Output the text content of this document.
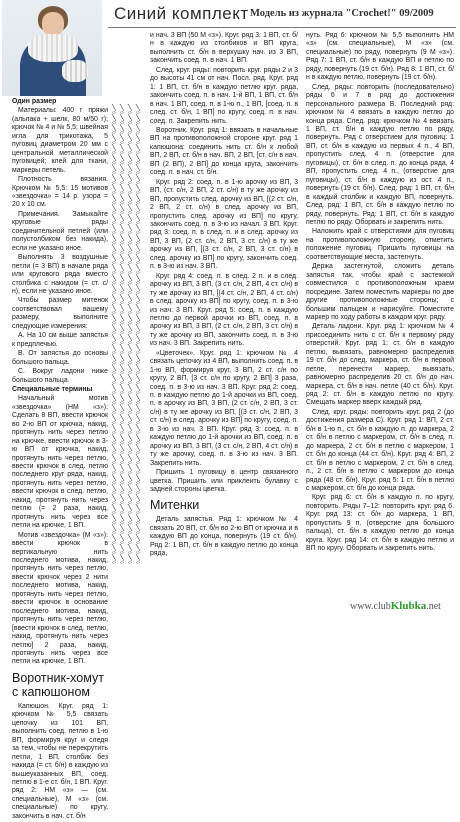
Синий комплект Модель из журнала "Crochet!" 09/2009

Один размер

Материалы: 400 г пряжи (альпака + шелк, 80 м/50 г); крючок № 4 и № 5,5; швейная игла для трикотажа, 5 пуговиц диаметром 20 мм с центральной металлической пуговицей; клей для ткани, маркеры петель.

Плотность вязания. Крючком № 5,5: 15 мотивов «звездочка» = 14 р. узора = 20 х 10 см.

Примечания. Замыкайте круговые ряды соединительной петлей (или полустолбиком без накида), если не указано иное.

Выполнять 3 воздушные петли (= 3 ВП) в начале ряда или кругового ряда вместо столбика с накидом (= ст. с/н), если не указано иное.

Чтобы размер митенок соответствовал вашему размеру, выполните следующие измерения:

А. На 10 см выше запястья к предплечью.

В. От запястья до основы большого пальца.

С. Вокруг ладони ниже большого пальца.

Специальные термины

Начальный мотив «звездочка» (НМ «з»): Сделать 8 ВП, ввести крючок во 2-ю ВП от крючка, накид, протянуть нить через петлю на крючке, ввести крючок в 3-ю ВП от крючка, накид, протянуть нить через петлю, ввести крючок в след. петлю последнего круг ряда, накид, протянуть нить через петлю, ввести крючок в след. петлю, накид, протянуть нить через петлю (= 2 раза, накид, протянуть нить через все петли на крючке, 1 ВП.

Мотив «звездочка» (М «з»): ввести крючок в вертикальную нить последнего мотива, накид, протянуть нить через петлю, ввести крючок через 2 нити последнего мотива, накид, протянуть нить через петлю, ввести крючок в основание последнего мотива, накид, протянуть нить через петлю, [ввести крючок в след. петлю, накид, протянуть нить через петлю] 2 раза, накид, протянуть нить через все петли на крючке, 1 ВП.

Воротник-хомут с капюшоном

Капюшон. Круг. ряд 1: крючком № 5,5 связать цепочку из 101 ВП, выполнить соед. петлю в 1-ю ВП, формируя круг и следя за тем, чтобы не перекрутить петли, 1 ВП, столбик без накида (= ст. б/н) в каждую из вышеуказанных ВП, соед. петлю в 1-е ст. б/н, 1 ВП. Круг. ряд 2: НМ «з» — (см. специальные), М «з» (см. специальные) по кругу, закончить в нач. ст. б/н

и нач. 3 ВП (50 М «з»). Круг. ряд 3: 1 ВП, ст. б/н в каждую из столбиков и ВП круга, выполнить ст. б/н в верхушку нач. из 3 ВП, закончить соед. п. в нач. 1 ВП.

След. круг. ряды: повторить круг. ряды 2 и 3 до высоты 41 см от нач. Посл. ряд. Круг. ряд 1: 1 ВП, ст. б/н в каждую петлю круг. ряда, закончить соед. п. в нач. 1-й ВП, 1 ВП, ст. б/н в нач. 1 ВП, соед. п. в 1-ю п., 1 ВП, [соед. п. в след. ст. б/н, 1 ВП] по кругу, соед. п. в нач. соед. п. Закрепить нить.

Воротник. Круг. ряд 1: ввязать в начальные ВП на противоположной стороне круг. ряд 1 капюшона: соединить нить ст. б/н к любой ВП, 2 ВП, ст. б/н в нач. ВП, 2 ВП, [ст. с/н в нач. ВП (2 ВП), 2 ВП] до конца круга, закончить соед. п. в нач. ст. б/н.

Круг. ряд 2: соед. п. в 1-ю арочку из ВП, 3 ВП, (ст. с/н, 2 ВП, 2 ст. с/н) в ту же арочку из ВП, пропустить след. арочку из ВП, [(2 ст. с/н, 2 ВП, 2 ст. с/н) в след. арочку из ВП, пропустить след. арочку из ВП] по кругу, закончить соед. п. в 3-ю из начал. 3 ВП. Круг. ряд 3: соед. п. в след. п. и в след. арочку из ВП, 3 ВП, (2 ст. с/н, 2 ВП, 3 ст. с/н) в ту же арочку из ВП, [(3 ст. с/н, 2 ВП, 3 ст. с/н) в след. арочку из ВП] по кругу, закончить соед. п. в 3-ю из нач. 3 ВП.

Круг. ряд 4: соед. п. в след. 2 п. и в след. арочку из ВП, 3 ВП, (3 ст. с/н, 2 ВП, 4 ст. с/н) в ту же арочку из ВП, [(4 ст. с/н, 2 ВП, 4 ст. с/н) в след. арочку из ВП] по кругу, соед. п. в 3-ю из нач. 3 ВП. Круг. ряд 5: соед. п. в каждую петлю до первой арочки из ВП, соед. п. в арочку из ВП, 3 ВП, (2 ст. с/н, 2 ВП, 3 ст. с/н) в ту же арочку из ВП, закончить соед. п. в 3-ю из нач. 3 ВП. Закрепить нить.

«Цветочек». Круг. ряд 1: крючком № 4 связать цепочку из 4 ВП, выполнить соед. п. в 1-ю ВП, формируя круг, 3 ВП, 2 ст. с/н по кругу, 2 ВП, [3 ст. с/н по кругу, 2 ВП] 3 раза, соед. п. в 3-ю из нач. 3 ВП. Круг. ряд 2: соед. п. в каждую петлю до 1-й арочки из ВП, соед. п. в арочку из ВП, 3 ВП, (2 ст. с/н, 2 ВП, 3 ст. с/н) в ту же арочку из ВП, [(3 ст. с/н, 2 ВП, 3 ст. с/н) в след. арочку из ВП] по кругу, соед. п. в 3-ю из нач. 3 ВП. Круг. ряд 3: соед. п. в каждую петлю до 1-й арочки из ВП, соед. п. в арочку из ВП, 3 ВП, (3 ст. с/н, 2 ВП, 4 ст. с/н) в ту же арочку, соед. п. в 3-ю из нач. 3 ВП. Закрепить нить.

Пришить 1 пуговицу в центр связанного цветка. Пришить или приклеить булавку с задней стороны цветка.

Митенки

Деталь запястья. Ряд 1: крючком № 4 связать 20 ВП, ст. б/н во 2-ю ВП от крючка и в каждую ВП до конца, повернуть (19 ст. б/н). Ряд 2: 1 ВП, ст. б/н в каждую петлю до конца ряда,

нуть. Ряд 6: крючком № 5,5 выполнить НМ «з» (см. специальные), М «з» (см. специальные) по ряду, повернуть (9 М «з»). Ряд 7: 1 ВП, ст. б/н в каждую ВП и петлю по ряду, повернуть (19 ст. б/н). Ряд 8: 1 ВП, ст. б/н в каждую петлю, повернуть (19 ст. б/н).

След. ряды: повторить (последовательно) ряды 6 и 7 в ряд до достижения персонального размера В. Последний ряд: крючком № 4 ввязать в каждую петлю до конца ряда. След. ряд: крючком № 4 ввязать 1 ВП, ст. б/н в каждую петлю по ряду, повернуть. Ряд с отверстием для пуговиц: 1 ВП, ст. б/н в каждую из первых 4 п., 4 ВП, пропустить след. 4 п. (отверстие для пуговицы), ст. б/н в след. п. до конца ряда, 4 ВП, пропустить след. 4 п., (отверстие для пуговицы), ст. б/н в каждую из ост. 4 п., повернуть (19 ст. б/н). След. ряд: 1 ВП, ст. б/н в каждый столбик и каждую ВП, повернуть. След. ряд: 1 ВП, ст. б/н в каждую петлю по ряду, повернуть. Ряд: 1 ВП, ст. б/н в каждую петлю по ряду. Оборвать и закрепить нить.

Наложить край с отверстиями для пуговиц на противоположную сторону, отметить положение пуговиц. Пришить пуговицы на соответствующие места, застегнуть.

Держа застегнутой, сложить деталь запястья так, чтобы край с застежкой совместился с противоположным краем посредине. Затем поместить маркеры по две другие противоположные стороны; с большим пальцем и нарисуйте. Поместите маркер по ходу работы в каждом круг. ряду.

Деталь ладони. Круг. ряд 1: крючком № 4 присоединить нить с ст. б/н к первому ряду отверстий. Круг. ряд 1: ст. б/н в каждую петлю, вывязать, равномерно распределив 19 ст. б/н до след. маркера, ст. б/н в первой петле, перенести маркер, вывязать, равномерно распределив 20 ст. б/н до нач. маркера, ст. б/н в нач. петле (40 ст. б/н). Круг. ряд 2: ст. б/н в каждую петлю по кругу. Смещать маркер вверх каждый ряд.

След. круг. ряды: повторить круг. ряд 2 (до достижения размера С). Круг. ряд 1: ВП, 2 ст. б/н в 1-ю п., ст. б/н в каждую п. до маркера, 2 ст. б/н в петлю с маркером, ст. б/н в след. п. до маркера, 2 ст. б/н в петлю с маркером, 1 ст. б/н до конца (44 ст. б/н). Круг. ряд 4: ВП, 2 ст. б/н в петлю с маркером, 2 ст. б/н в след. п., 2 ст. б/н в петлю с маркером до конца ряда (48 ст. б/н). Круг. ряд 5: 1 ст. б/н в петлю с маркером, ст. б/н до конца ряда.

Круг. ряд 6: ст. б/н в каждую п. по кругу, повторить. Ряды 7–12: повторить круг. ряд 6. Круг. ряд 13: ст. б/н до маркера, 1 ВП, пропустить 9 п. (отверстие для большого пальца), ст. б/н в каждую петлю до конца круга. Круг. ряд 14: ст. б/н в каждую петлю и ВП по кругу. Оборвать и закрепить нить.

www.clubKlubka.net
